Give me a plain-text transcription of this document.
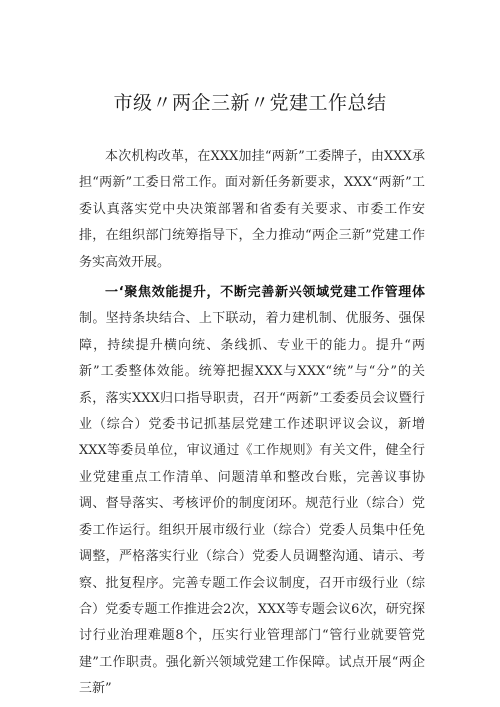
市级〃两企三新〃党建工作总结

本次机构改革，在XXX加挂“两新”工委牌子，由XXX承担“两新”工委日常工作。面对新任务新要求，XXX“两新”工委认真落实党中央决策部署和省委有关要求、市委工作安排，在组织部门统筹指导下，全力推动“两企三新”党建工作务实高效开展。

一‘聚焦效能提升，不断完善新兴领域党建工作管理体制。坚持条块结合、上下联动，着力建机制、优服务、强保障，持续提升横向统、条线抓、专业干的能力。提升“两新”工委整体效能。统筹把握XXX与XXX“统”与“分”的关系，落实XXX归口指导职责，召开“两新”工委委员会议暨行业（综合）党委书记抓基层党建工作述职评议会议，新增XXX等委员单位，审议通过《工作规则》有关文件，健全行业党建重点工作清单、问题清单和整改台账，完善议事协调、督导落实、考核评价的制度闭环。规范行业（综合）党委工作运行。组织开展市级行业（综合）党委人员集中任免调整，严格落实行业（综合）党委人员调整沟通、请示、考察、批复程序。完善专题工作会议制度，召开市级行业（综合）党委专题工作推进会2次，XXX等专题会议6次，研究探讨行业治理难题8个，压实行业管理部门“管行业就要管党建”工作职责。强化新兴领域党建工作保障。试点开展“两企三新”
